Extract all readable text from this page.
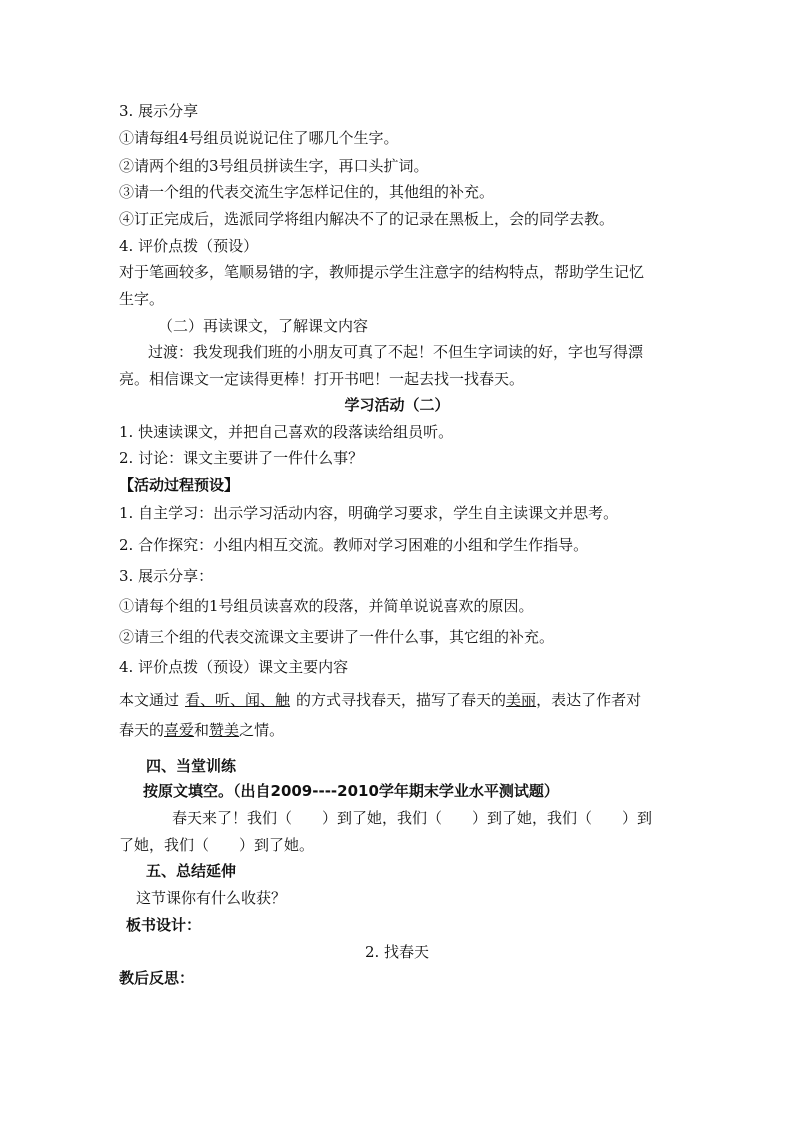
3. 展示分享
①请每组4号组员说说记住了哪几个生字。
②请两个组的3号组员拼读生字，再口头扩词。
③请一个组的代表交流生字怎样记住的，其他组的补充。
④订正完成后，选派同学将组内解决不了的记录在黑板上，会的同学去教。
4. 评价点拨（预设）
对于笔画较多，笔顺易错的字，教师提示学生注意字的结构特点，帮助学生记忆
生字。
（二）再读课文，了解课文内容
过渡：我发现我们班的小朋友可真了不起！不但生字词读的好，字也写得漂
亮。相信课文一定读得更棒！打开书吧！一起去找一找春天。
学习活动（二）
1. 快速读课文，并把自己喜欢的段落读给组员听。
2. 讨论：课文主要讲了一件什么事？
【活动过程预设】
1. 自主学习：出示学习活动内容，明确学习要求，学生自主读课文并思考。
2. 合作探究：小组内相互交流。教师对学习困难的小组和学生作指导。
3. 展示分享：
①请每个组的1号组员读喜欢的段落，并简单说说喜欢的原因。
②请三个组的代表交流课文主要讲了一件什么事，其它组的补充。
4. 评价点拨（预设）课文主要内容
本文通过 看、听、闻、触 的方式寻找春天，描写了春天的美丽，表达了作者对
春天的喜爱和赞美之情。
四、当堂训练
按原文填空。（出自2009----2010学年期末学业水平测试题）
春天来了！我们（　　）到了她，我们（　　）到了她，我们（　　）到
了她，我们（　　）到了她。
五、总结延伸
这节课你有什么收获？
板书设计：
2. 找春天
教后反思：
